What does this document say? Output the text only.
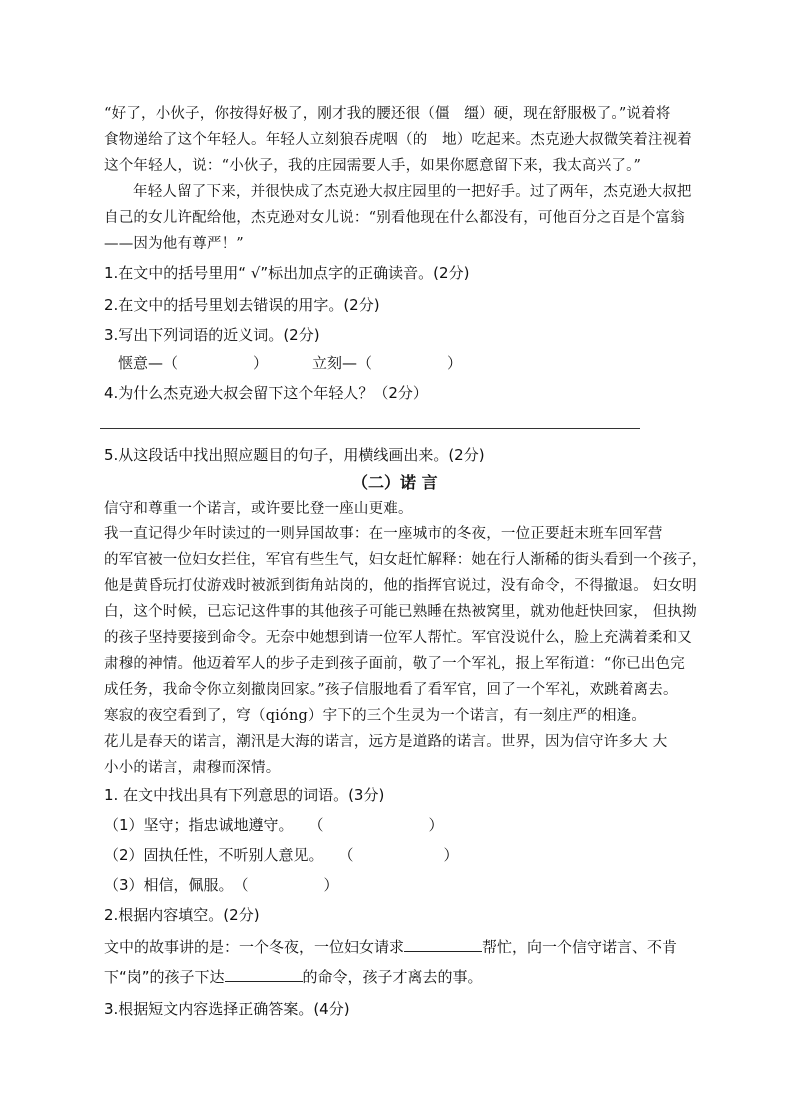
“好了，小伙子，你按得好极了，刚才我的腰还很（僵　缰）硬，现在舒服极了。”说着将
食物递给了这个年轻人。年轻人立刻狼吞虎咽（的　地）吃起来。杰克逊大叔微笑着注视着
这个年轻人，说：“小伙子，我的庄园需要人手，如果你愿意留下来，我太高兴了。”
年轻人留了下来，并很快成了杰克逊大叔庄园里的一把好手。过了两年，杰克逊大叔把
自己的女儿许配给他，杰克逊对女儿说：“别看他现在什么都没有，可他百分之百是个富翁
——因为他有尊严！”
1.在文中的括号里用“ √”标出加点字的正确读音。(2分)
2.在文中的括号里划去错误的用字。(2分)
3.写出下列词语的近义词。(2分)
惬意—（　　　　　）	立刻—（　　　　　）
4.为什么杰克逊大叔会留下这个年轻人？（2分）
5.从这段话中找出照应题目的句子，用横线画出来。(2分)
（二）诺 言
信守和尊重一个诺言，或许要比登一座山更难。
我一直记得少年时读过的一则异国故事：在一座城市的冬夜，一位正要赶末班车回军营
的军官被一位妇女拦住，军官有些生气，妇女赶忙解释：她在行人渐稀的街头看到一个孩子，
他是黄昏玩打仗游戏时被派到街角站岗的，他的指挥官说过，没有命令，不得撤退。 妇女明
白，这个时候，已忘记这件事的其他孩子可能已熟睡在热被窝里，就劝他赶快回家， 但执拗
的孩子坚持要接到命令。无奈中她想到请一位军人帮忙。军官没说什么，脸上充满着柔和又
肃穆的神情。他迈着军人的步子走到孩子面前，敬了一个军礼，报上军衔道：“你已出色完
成任务，我命令你立刻撤岗回家。”孩子信服地看了看军官，回了一个军礼，欢跳着离去。
寒寂的夜空看到了，穹（qióng）宇下的三个生灵为一个诺言，有一刻庄严的相逢。
花儿是春天的诺言，潮汛是大海的诺言，远方是道路的诺言。世界，因为信守许多大 大
小小的诺言，肃穆而深情。
1. 在文中找出具有下列意思的词语。(3分)
（1）坚守；指忠诚地遵守。　　（　　　　　　　）
（2）固执任性，不听别人意见。　　（　　　　　　）
（3）相信，佩服。　（　　　　　）
2.根据内容填空。(2分)
文中的故事讲的是：一个冬夜，一位妇女请求	帮忙，向一个信守诺言、不肯
下“岗”的孩子下达	的命令，孩子才离去的事。
3.根据短文内容选择正确答案。(4分)
